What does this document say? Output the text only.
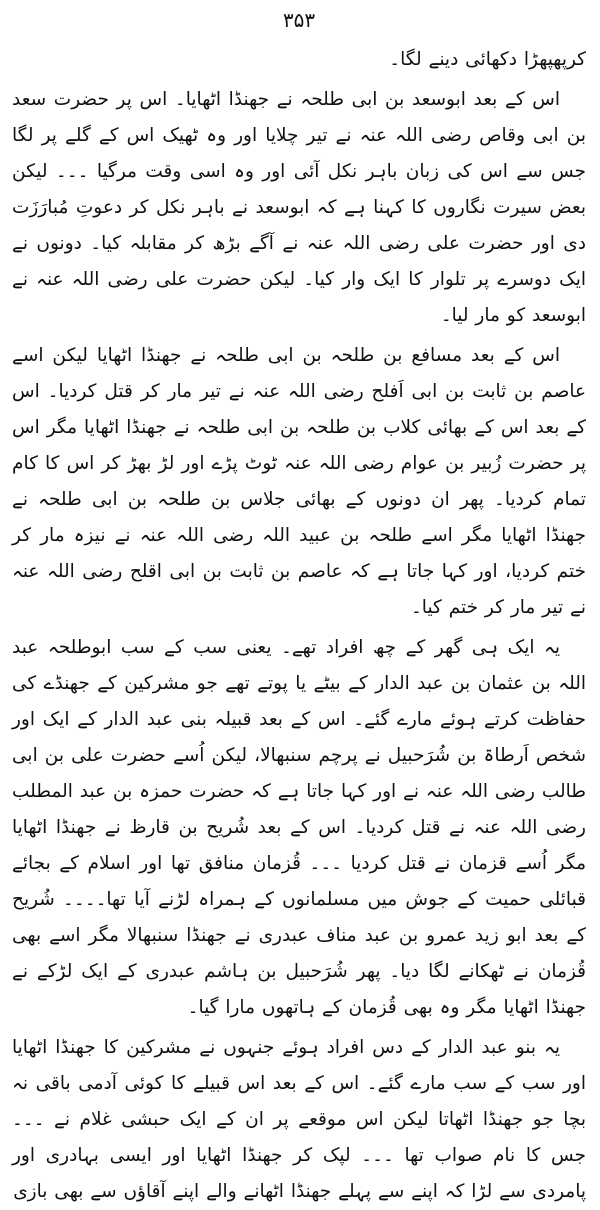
۳۵۳

کرپھپھڑا دکھائی دینے لگا۔

اس کے بعد ابوسعد بن ابی طلحہ نے جھنڈا اٹھایا۔ اس پر حضرت سعد بن ابی وقاص رضی اللہ عنہ نے تیر چلایا اور وہ ٹھیک اس کے گلے پر لگا جس سے اس کی زبان باہر نکل آئی اور وہ اسی وقت مرگیا ۔۔۔ لیکن بعض سیرت نگاروں کا کہنا ہے کہ ابوسعد نے باہر نکل کر دعوتِ مُبارَزَت دی اور حضرت علی رضی اللہ عنہ نے آگے بڑھ کر مقابلہ کیا۔ دونوں نے ایک دوسرے پر تلوار کا ایک وار کیا۔ لیکن حضرت علی رضی اللہ عنہ نے ابوسعد کو مار لیا۔

اس کے بعد مسافع بن طلحہ بن ابی طلحہ نے جھنڈا اٹھایا لیکن اسے عاصم بن ثابت بن ابی اَفلح رضی اللہ عنہ نے تیر مار کر قتل کردیا۔ اس کے بعد اس کے بھائی کلاب بن طلحہ بن ابی طلحہ نے جھنڈا اٹھایا مگر اس پر حضرت زُبیر بن عوام رضی اللہ عنہ ٹوٹ پڑے اور لڑ بھڑ کر اس کا کام تمام کردیا۔ پھر ان دونوں کے بھائی جلاس بن طلحہ بن ابی طلحہ نے جھنڈا اٹھایا مگر اسے طلحہ بن عبید اللہ رضی اللہ عنہ نے نیزہ مار کر ختم کردیا، اور کہا جاتا ہے کہ عاصم بن ثابت بن ابی اقلح رضی اللہ عنہ نے تیر مار کر ختم کیا۔

یہ ایک ہی گھر کے چھ افراد تھے۔ یعنی سب کے سب ابوطلحہ عبد اللہ بن عثمان بن عبد الدار کے بیٹے یا پوتے تھے جو مشرکین کے جھنڈے کی حفاظت کرتے ہوئے مارے گئے۔ اس کے بعد قبیلہ بنی عبد الدار کے ایک اور شخص اَرطاۃ بن شُرَحبیل نے پرچم سنبھالا، لیکن اُسے حضرت علی بن ابی طالب رضی اللہ عنہ نے اور کہا جاتا ہے کہ حضرت حمزہ بن عبد المطلب رضی اللہ عنہ نے قتل کردیا۔ اس کے بعد شُریح بن قارظ نے جھنڈا اٹھایا مگر اُسے قزمان نے قتل کردیا ۔۔۔ قُزمان منافق تھا اور اسلام کے بجائے قبائلی حمیت کے جوش میں مسلمانوں کے ہمراہ لڑنے آیا تھا۔۔۔۔ شُریح کے بعد ابو زید عمرو بن عبد مناف عبدری نے جھنڈا سنبھالا مگر اسے بھی قُزمان نے ٹھکانے لگا دیا۔ پھر شُرَحبیل بن ہاشم عبدری کے ایک لڑکے نے جھنڈا اٹھایا مگر وہ بھی قُزمان کے ہاتھوں مارا گیا۔

یہ بنو عبد الدار کے دس افراد ہوئے جنہوں نے مشرکین کا جھنڈا اٹھایا اور سب کے سب مارے گئے۔ اس کے بعد اس قبیلے کا کوئی آدمی باقی نہ بچا جو جھنڈا اٹھاتا لیکن اس موقعے پر ان کے ایک حبشی غلام نے ۔۔۔ جس کا نام صواب تھا ۔۔۔ لپک کر جھنڈا اٹھایا اور ایسی بہادری اور پامردی سے لڑا کہ اپنے سے پہلے جھنڈا اٹھانے والے اپنے آقاؤں سے بھی بازی
